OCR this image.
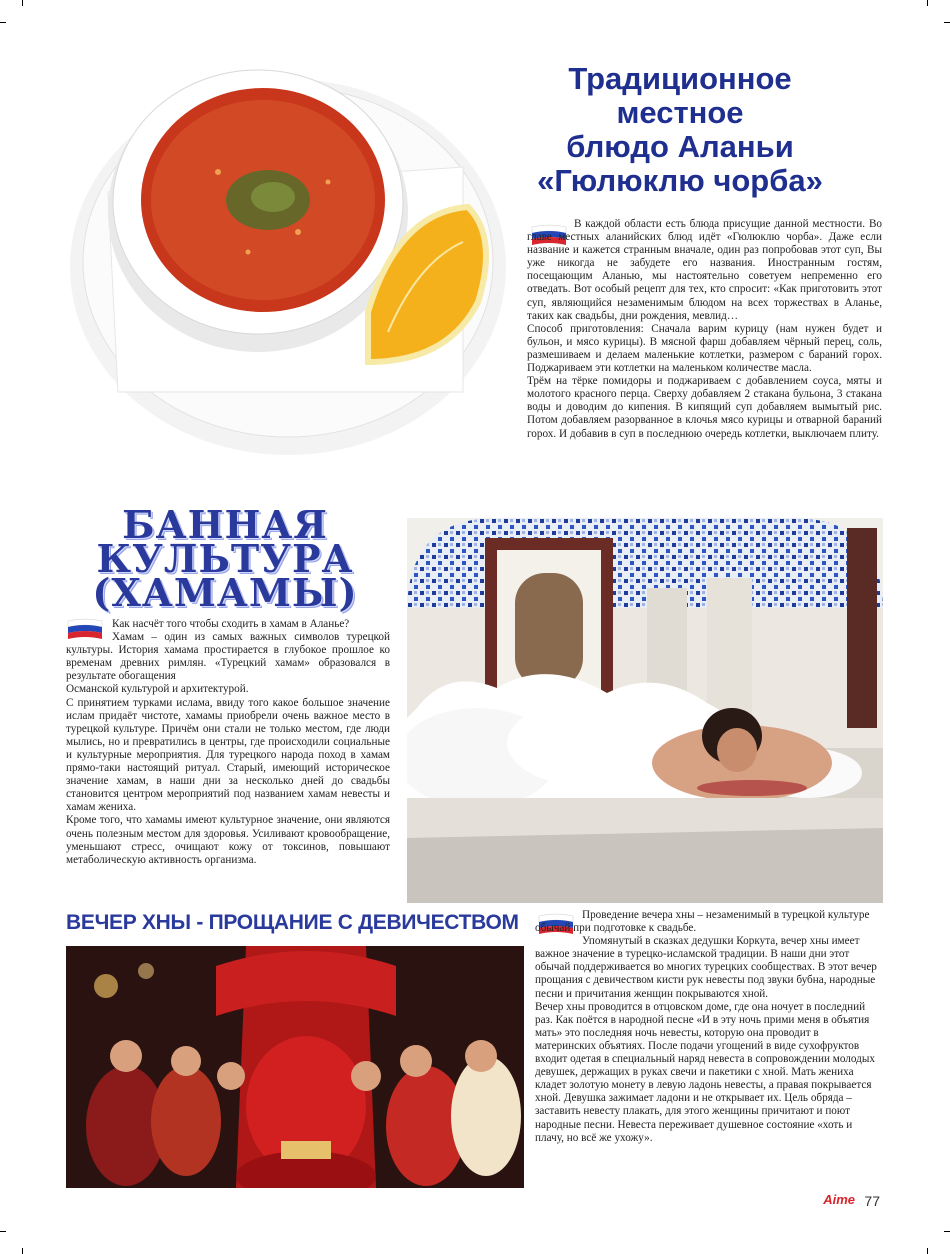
Традиционное
местное
блюдо Аланьи
«Гюлюклю чорба»

В каждой области есть блюда присущие данной местности. Во главе местных аланийских блюд идёт «Гюлюклю чорба». Даже если название и кажется странным вначале, один раз попробовав этот суп, Вы уже никогда не забудете его названия. Иностранным гостям, посещающим Аланью, мы настоятельно советуем непременно его отведать. Вот особый рецепт для тех, кто спросит: «Как приготовить этот суп, являющийся незаменимым блюдом на всех торжествах в Аланье, таких как свадьбы, дни рождения, мевлид…

Способ приготовления: Сначала варим курицу (нам нужен будет и бульон, и мясо курицы). В мясной фарш добавляем чёрный перец, соль, размешиваем и делаем маленькие котлетки, размером с бараний горох. Поджариваем эти котлетки на маленьком количестве масла.

Трём на тёрке помидоры и поджариваем с добавлением соуса, мяты и молотого красного перца. Сверху добавляем 2 стакана бульона, 3 стакана воды и доводим до кипения. В кипящий суп добавляем вымытый рис. Потом добавляем разорванное в клочья мясо курицы и отварной бараний горох. И добавив в суп в последнюю очередь котлетки, выключаем плиту.

БАННАЯ
КУЛЬТУРА
(ХАМАМЫ)

Как насчёт того чтобы сходить в хамам в Аланье?

Хамам – один из самых важных символов турецкой культуры. История хамама простирается в глубокое прошлое ко временам древних римлян. «Турецкий хамам» образовался в результате обогащения

Османской культурой и архитектурой.

С принятием турками ислама, ввиду того какое большое значение ислам придаёт чистоте, хамамы приобрели очень важное место в турецкой культуре. Причём они стали не только местом, где люди мылись, но и превратились в центры, где происходили социальные и культурные мероприятия. Для турецкого народа поход в хамам прямо-таки настоящий ритуал. Старый, имеющий историческое значение хамам, в наши дни за несколько дней до свадьбы становится центром мероприятий под названием хамам невесты и хамам жениха.

Кроме того, что хамамы имеют культурное значение, они являются очень полезным местом для здоровья. Усиливают кровообращение, уменьшают стресс, очищают кожу от токсинов, повышают метаболическую активность организма.

ВЕЧЕР ХНЫ - ПРОЩАНИЕ С ДЕВИЧЕСТВОМ	Проведение вечера хны – незаменимый в турецкой культуре обычай при подготовке к свадьбе.

Упомянутый в сказках дедушки Коркута, вечер хны имеет важное значение в турецко-исламской традиции. В наши дни этот обычай поддерживается во многих турецких сообществах. В этот вечер прощания с девичеством кисти рук невесты под звуки бубна, народные песни и причитания женщин покрываются хной.

Вечер хны проводится в отцовском доме, где она ночует в последний раз. Как поётся в народной песне «И в эту ночь прими меня в объятия мать» это последняя ночь невесты, которую она проводит в материнских объятиях. После подачи угощений в виде сухофруктов входит одетая в специальный наряд невеста в сопровождении молодых девушек, держащих в руках свечи и пакетики с хной. Мать жениха кладет золотую монету в левую ладонь невесты, а правая покрывается хной. Девушка зажимает ладони и не открывает их. Цель обряда – заставить невесту плакать, для этого женщины причитают и поют народные песни. Невеста переживает душевное состояние «хоть и плачу, но всё же ухожу».

Aime 77
